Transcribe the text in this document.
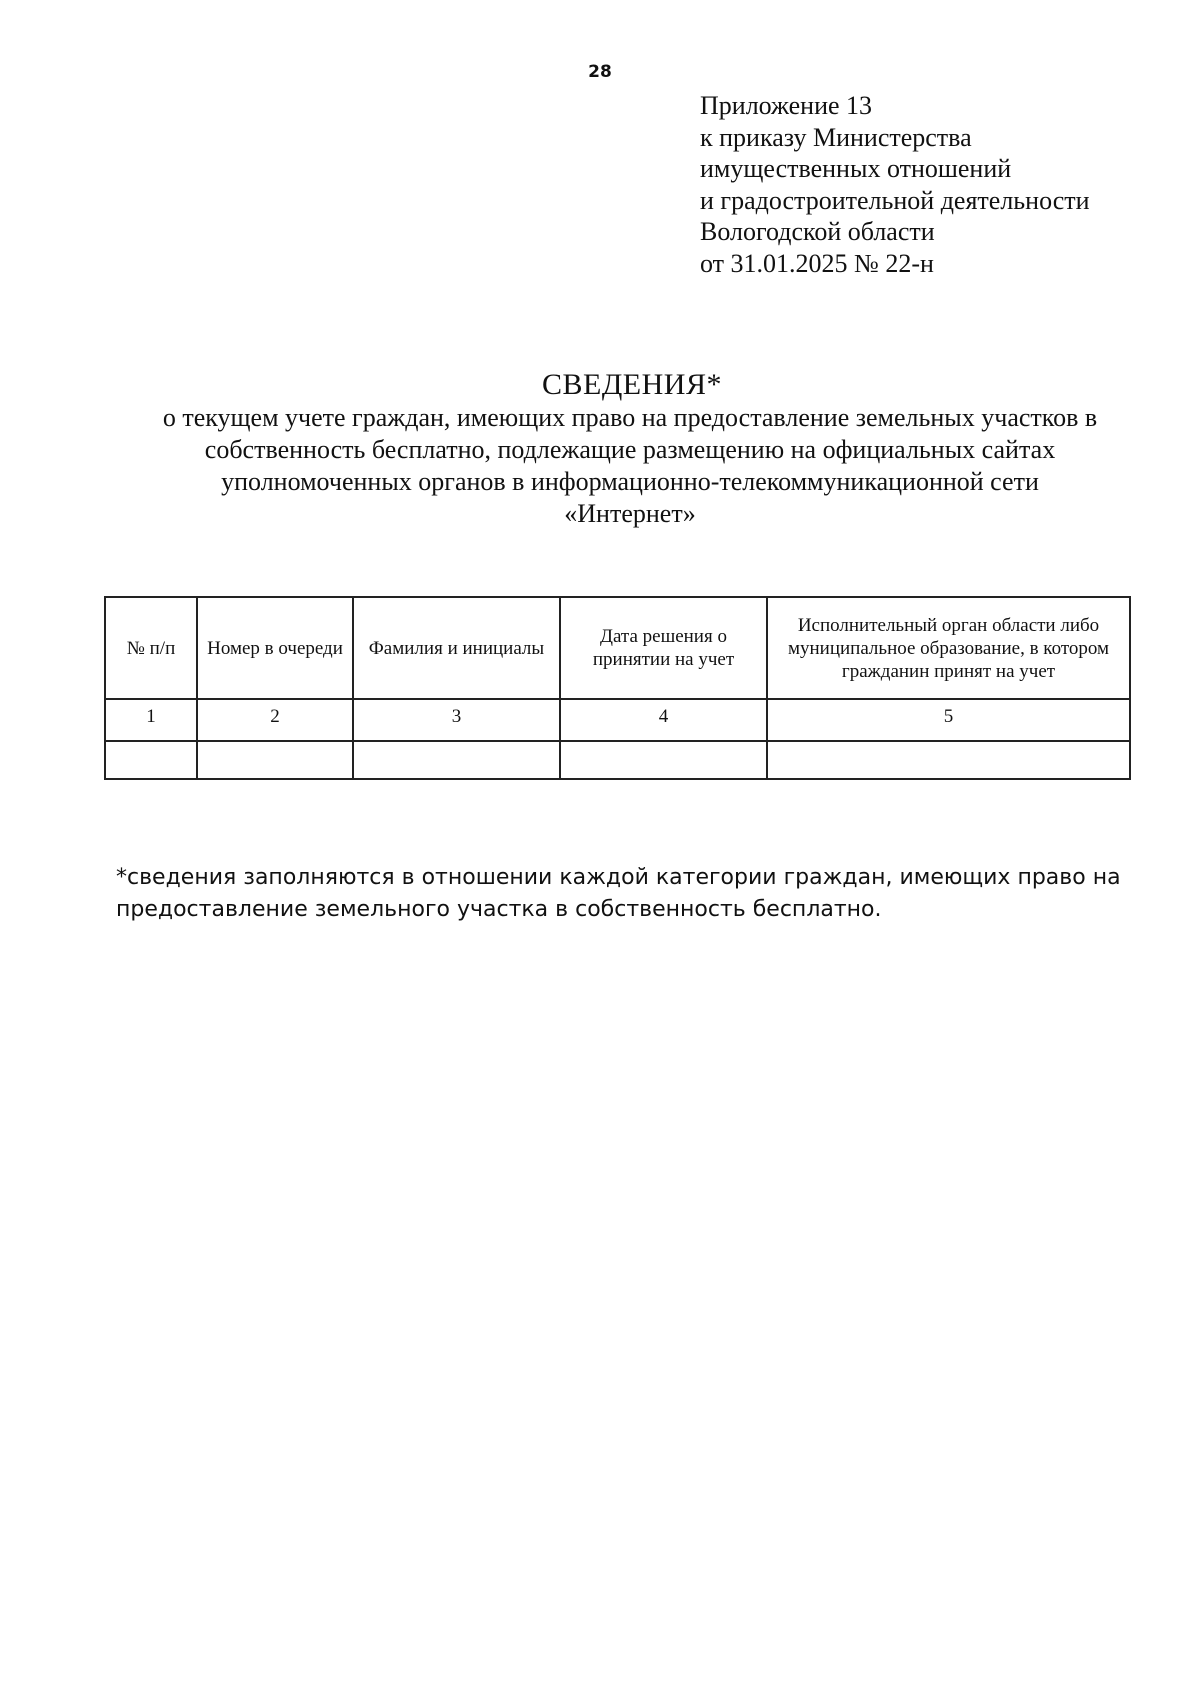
28
Приложение 13
к приказу Министерства
имущественных отношений
и градостроительной деятельности
Вологодской области
от 31.01.2025 № 22-н
СВЕДЕНИЯ*
о текущем учете граждан, имеющих право на предоставление земельных участков в
собственность бесплатно, подлежащие размещению на официальных сайтах
уполномоченных органов в информационно-телекоммуникационной сети
«Интернет»
№ п/п	Номер в очереди	Фамилия и инициалы	Дата решения о принятии на учет	Исполнительный орган области либо муниципальное образование, в котором гражданин принят на учет
1	2	3	4	5

*сведения заполняются в отношении каждой категории граждан, имеющих право на
предоставление земельного участка в собственность бесплатно.
